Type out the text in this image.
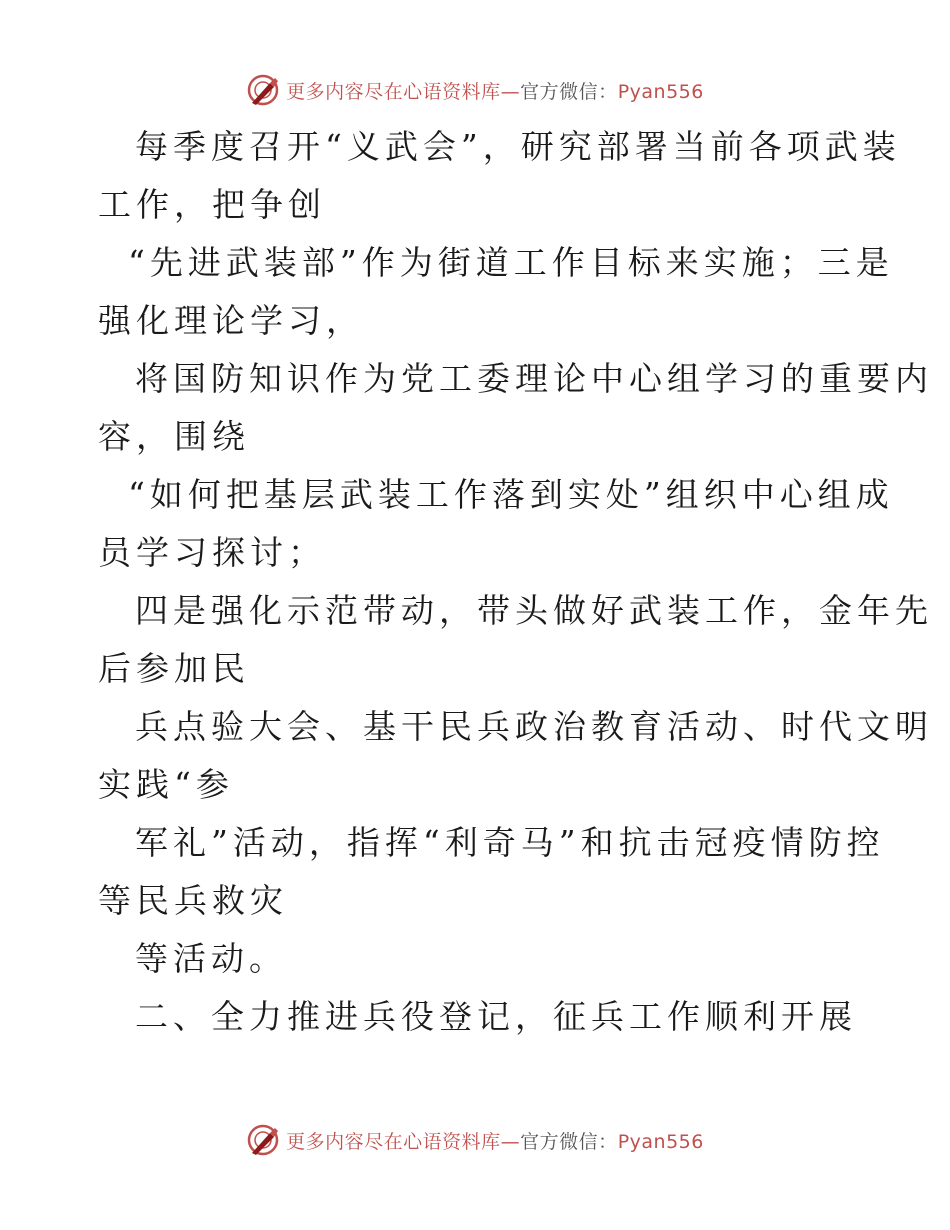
更多内容尽在心语资料库—官方微信：Pyan556
每季度召开“义武会”，研究部署当前各项武装
工作，把争创
“先进武装部”作为街道工作目标来实施；三是
强化理论学习，
将国防知识作为党工委理论中心组学习的重要内
容，围绕
“如何把基层武装工作落到实处”组织中心组成
员学习探讨；
四是强化示范带动，带头做好武装工作，金年先
后参加民
兵点验大会、基干民兵政治教育活动、时代文明
实践“参
军礼”活动，指挥“利奇马”和抗击冠疫情防控
等民兵救灾
等活动。
二、全力推进兵役登记，征兵工作顺利开展
更多内容尽在心语资料库—官方微信：Pyan556
